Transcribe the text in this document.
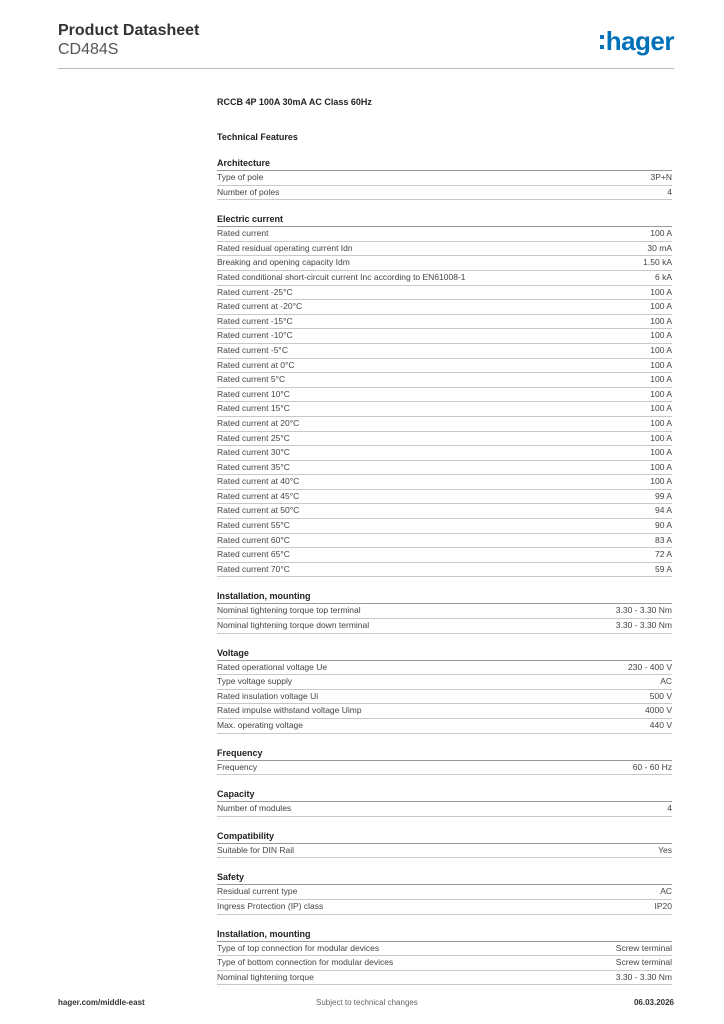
Product Datasheet
CD484S	hager
RCCB 4P 100A 30mA AC Class 60Hz
Technical Features
Architecture
Type of pole	3P+N
Number of poles	4
Electric current
Rated current	100 A
Rated residual operating current Idn	30 mA
Breaking and opening capacity Idm	1.50 kA
Rated conditional short-circuit current Inc according to EN61008-1	6 kA
Rated current -25°C	100 A
Rated current at -20°C	100 A
Rated current -15°C	100 A
Rated current -10°C	100 A
Rated current -5°C	100 A
Rated current at 0°C	100 A
Rated current 5°C	100 A
Rated current 10°C	100 A
Rated current 15°C	100 A
Rated current at 20°C	100 A
Rated current 25°C	100 A
Rated current 30°C	100 A
Rated current 35°C	100 A
Rated current at 40°C	100 A
Rated current at 45°C	99 A
Rated current at 50°C	94 A
Rated current 55°C	90 A
Rated current 60°C	83 A
Rated current 65°C	72 A
Rated current 70°C	59 A
Installation, mounting
Nominal tightening torque top terminal	3.30 - 3.30 Nm
Nominal tightening torque down terminal	3.30 - 3.30 Nm
Voltage
Rated operational voltage Ue	230 - 400 V
Type voltage supply	AC
Rated insulation voltage Ui	500 V
Rated impulse withstand voltage Uimp	4000 V
Max. operating voltage	440 V
Frequency
Frequency	60 - 60 Hz
Capacity
Number of modules	4
Compatibility
Suitable for DIN Rail	Yes
Safety
Residual current type	AC
Ingress Protection (IP) class	IP20
Installation, mounting
Type of top connection for modular devices	Screw terminal
Type of bottom connection for modular devices	Screw terminal
Nominal tightening torque	3.30 - 3.30 Nm
hager.com/middle-east	Subject to technical changes	06.03.2026
